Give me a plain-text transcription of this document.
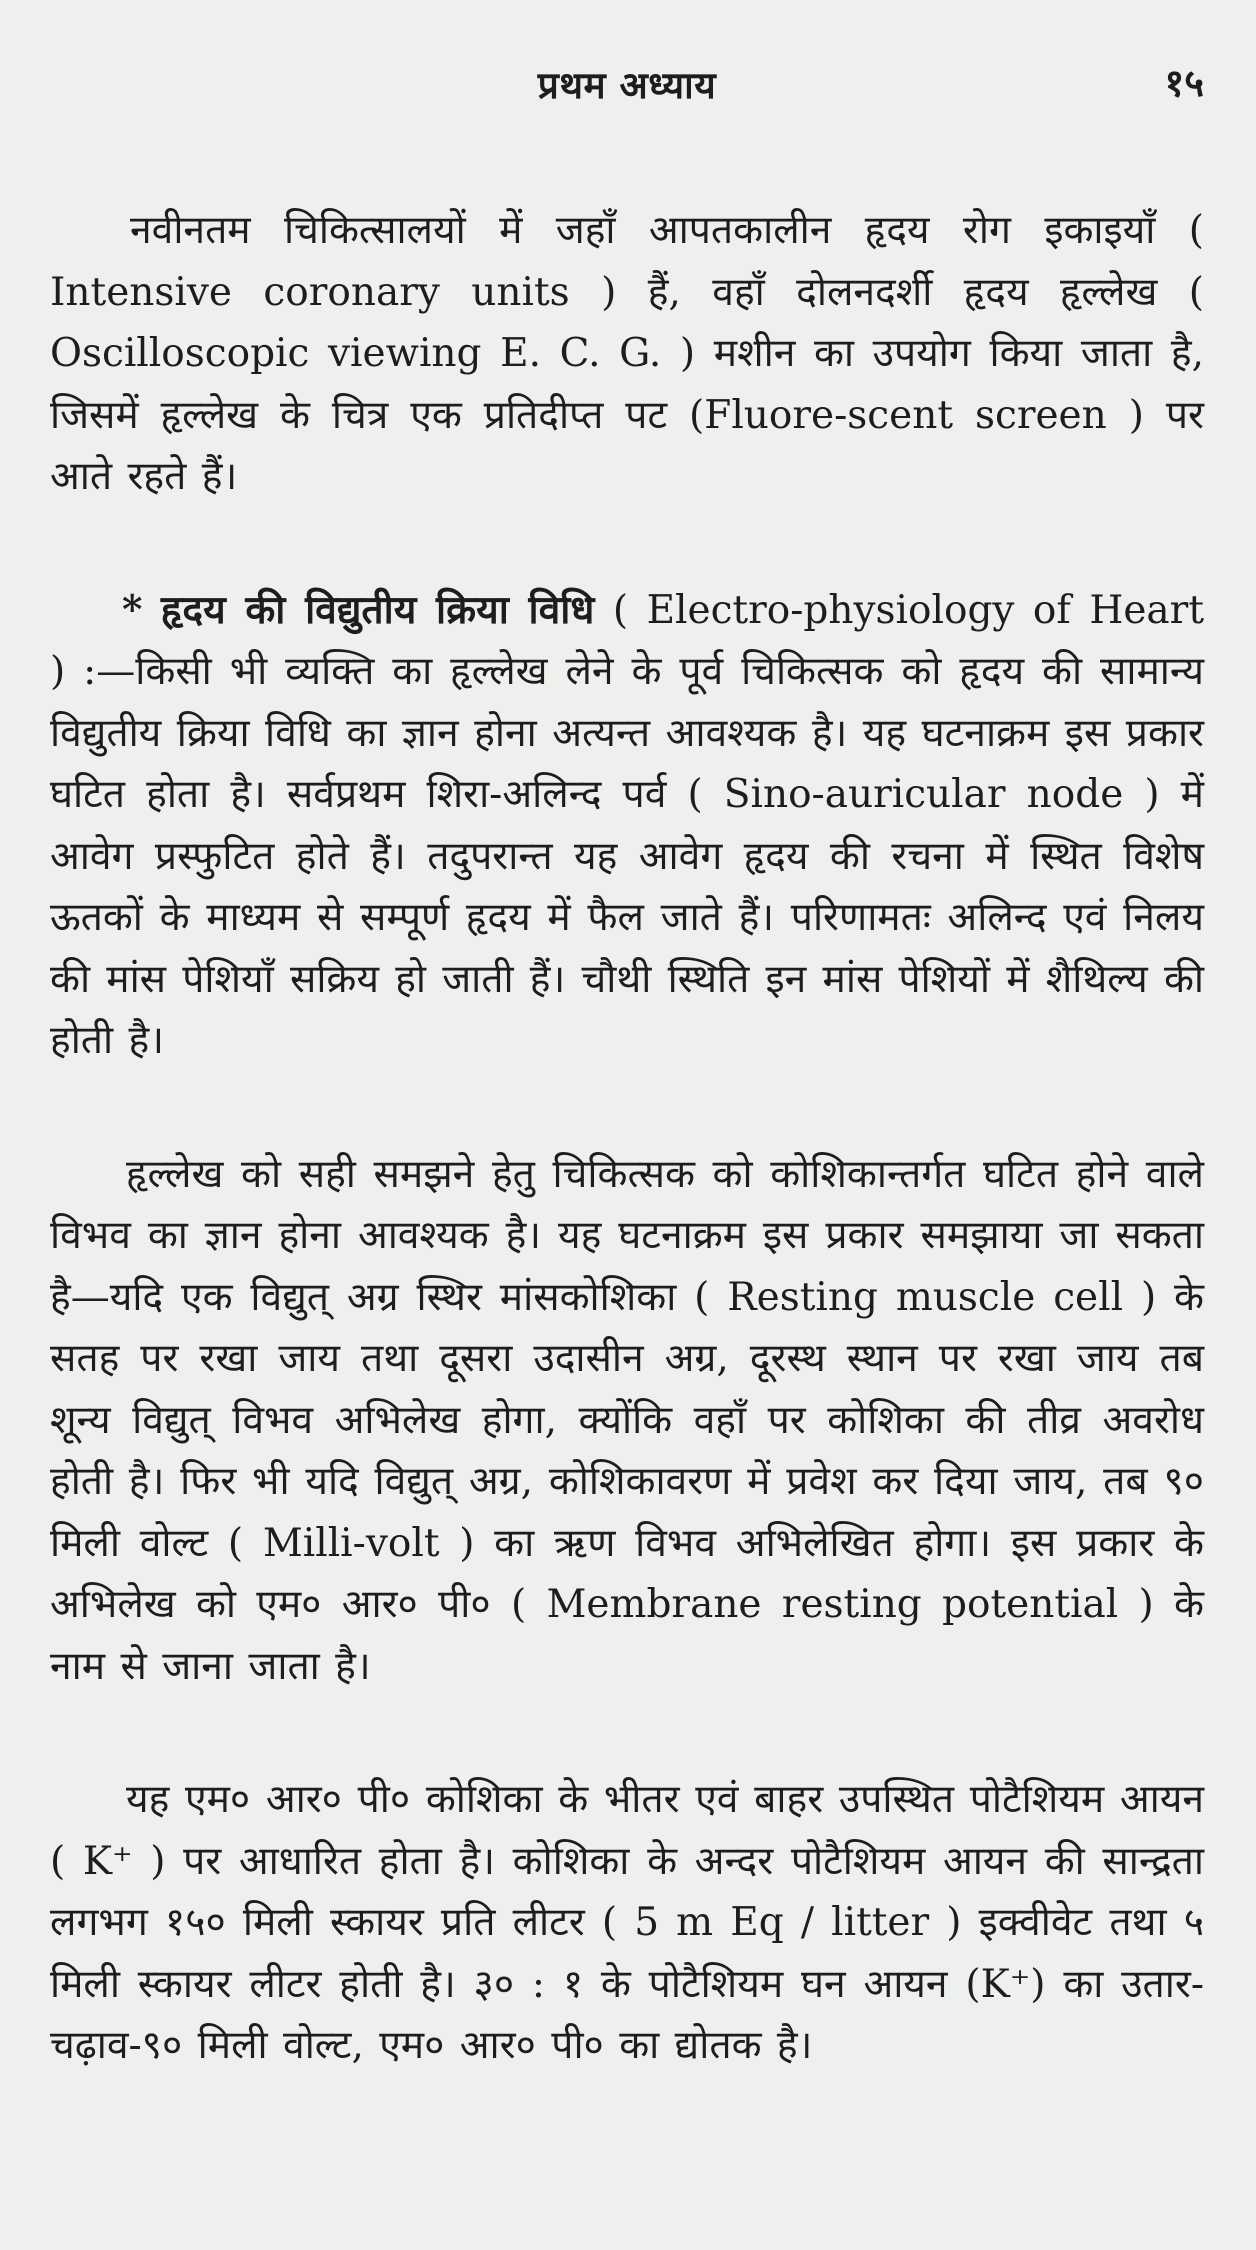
प्रथम अध्याय	१५

नवीनतम चिकित्सालयों में जहाँ आपतकालीन हृदय रोग इकाइयाँ ( Intensive coronary units ) हैं, वहाँ दोलनदर्शी हृदय हृल्लेख ( Oscilloscopic viewing E. C. G. ) मशीन का उपयोग किया जाता है, जिसमें हृल्लेख के चित्र एक प्रतिदीप्त पट (Fluore-scent screen ) पर आते रहते हैं।

* हृदय की विद्युतीय क्रिया विधि ( Electro-physiology of Heart ) :—किसी भी व्यक्ति का हृल्लेख लेने के पूर्व चिकित्सक को हृदय की सामान्य विद्युतीय क्रिया विधि का ज्ञान होना अत्यन्त आवश्यक है। यह घटनाक्रम इस प्रकार घटित होता है। सर्वप्रथम शिरा-अलिन्द पर्व ( Sino-auricular node ) में आवेग प्रस्फुटित होते हैं। तदुपरान्त यह आवेग हृदय की रचना में स्थित विशेष ऊतकों के माध्यम से सम्पूर्ण हृदय में फैल जाते हैं। परिणामतः अलिन्द एवं निलय की मांस पेशियाँ सक्रिय हो जाती हैं। चौथी स्थिति इन मांस पेशियों में शैथिल्य की होती है।

हृल्लेख को सही समझने हेतु चिकित्सक को कोशिकान्तर्गत घटित होने वाले विभव का ज्ञान होना आवश्यक है। यह घटनाक्रम इस प्रकार समझाया जा सकता है—यदि एक विद्युत् अग्र स्थिर मांसकोशिका ( Resting muscle cell ) के सतह पर रखा जाय तथा दूसरा उदासीन अग्र, दूरस्थ स्थान पर रखा जाय तब शून्य विद्युत् विभव अभिलेख होगा, क्योंकि वहाँ पर कोशिका की तीव्र अवरोध होती है। फिर भी यदि विद्युत् अग्र, कोशिकावरण में प्रवेश कर दिया जाय, तब ९० मिली वोल्ट ( Milli-volt ) का ऋण विभव अभिलेखित होगा। इस प्रकार के अभिलेख को एम० आर० पी० ( Membrane resting potential ) के नाम से जाना जाता है।

यह एम० आर० पी० कोशिका के भीतर एवं बाहर उपस्थित पोटैशियम आयन ( K⁺ ) पर आधारित होता है। कोशिका के अन्दर पोटैशियम आयन की सान्द्रता लगभग १५० मिली स्कायर प्रति लीटर ( 5 m Eq / litter ) इक्वीवेट तथा ५ मिली स्कायर लीटर होती है। ३० : १ के पोटैशियम घन आयन (K⁺) का उतार-चढ़ाव-९० मिली वोल्ट, एम० आर० पी० का द्योतक है।
